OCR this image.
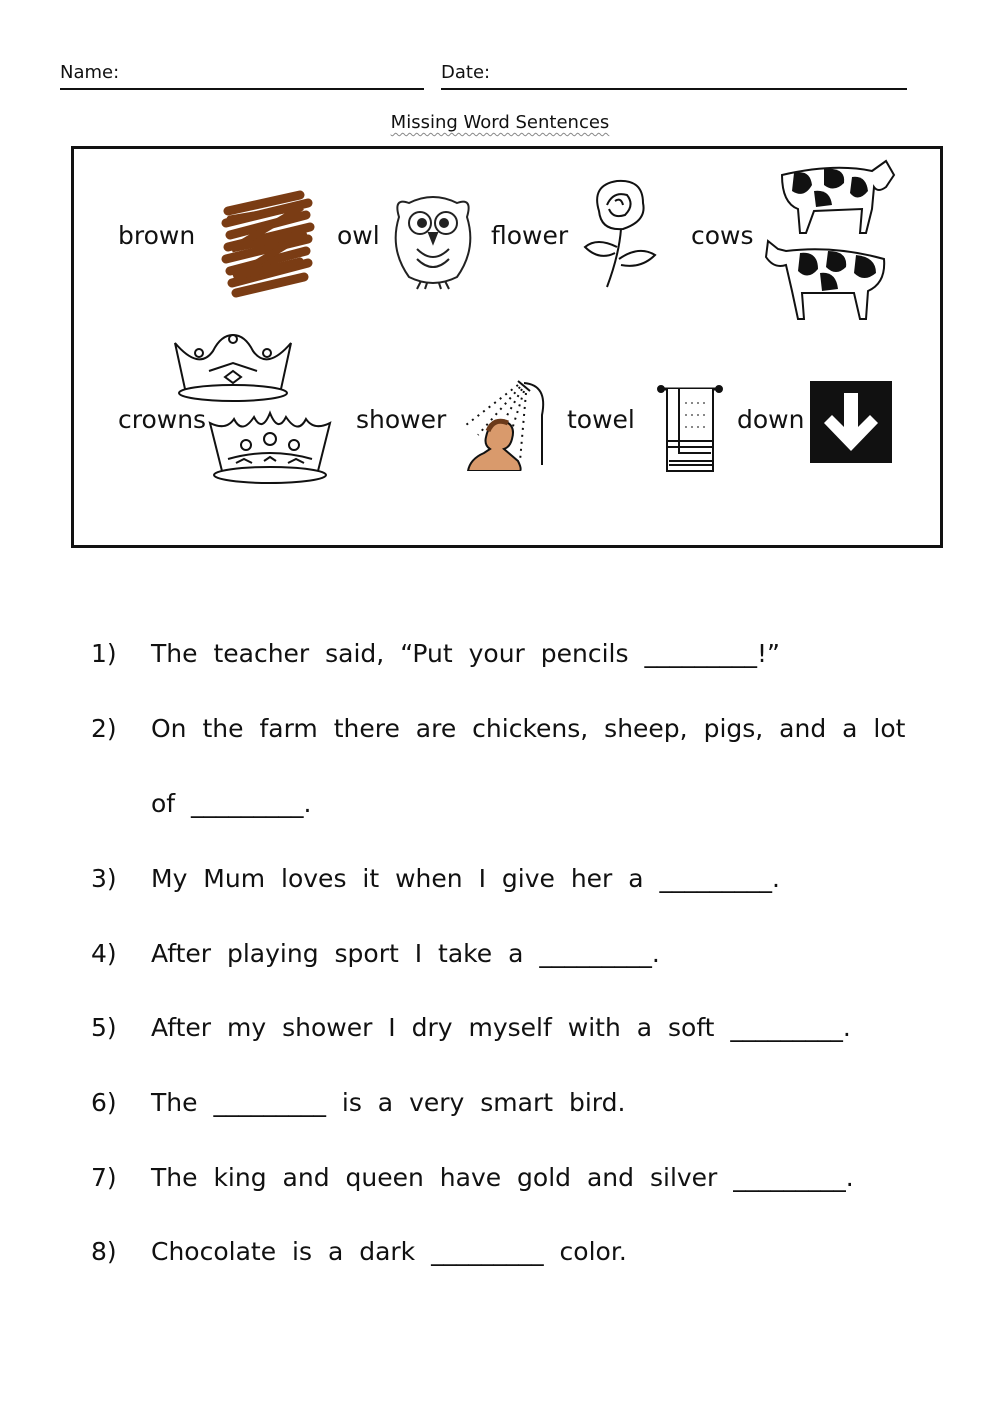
Name:	Date:
Missing Word Sentences
brown	owl	flower	cows
crowns	shower	towel	down
1) The teacher said, “Put your pencils _________!”
2) On the farm there are chickens, sheep, pigs, and a lot
of _________.
3) My Mum loves it when I give her a _________.
4) After playing sport I take a _________.
5) After my shower I dry myself with a soft _________.
6) The _________ is a very smart bird.
7) The king and queen have gold and silver _________.
8) Chocolate is a dark _________ color.
